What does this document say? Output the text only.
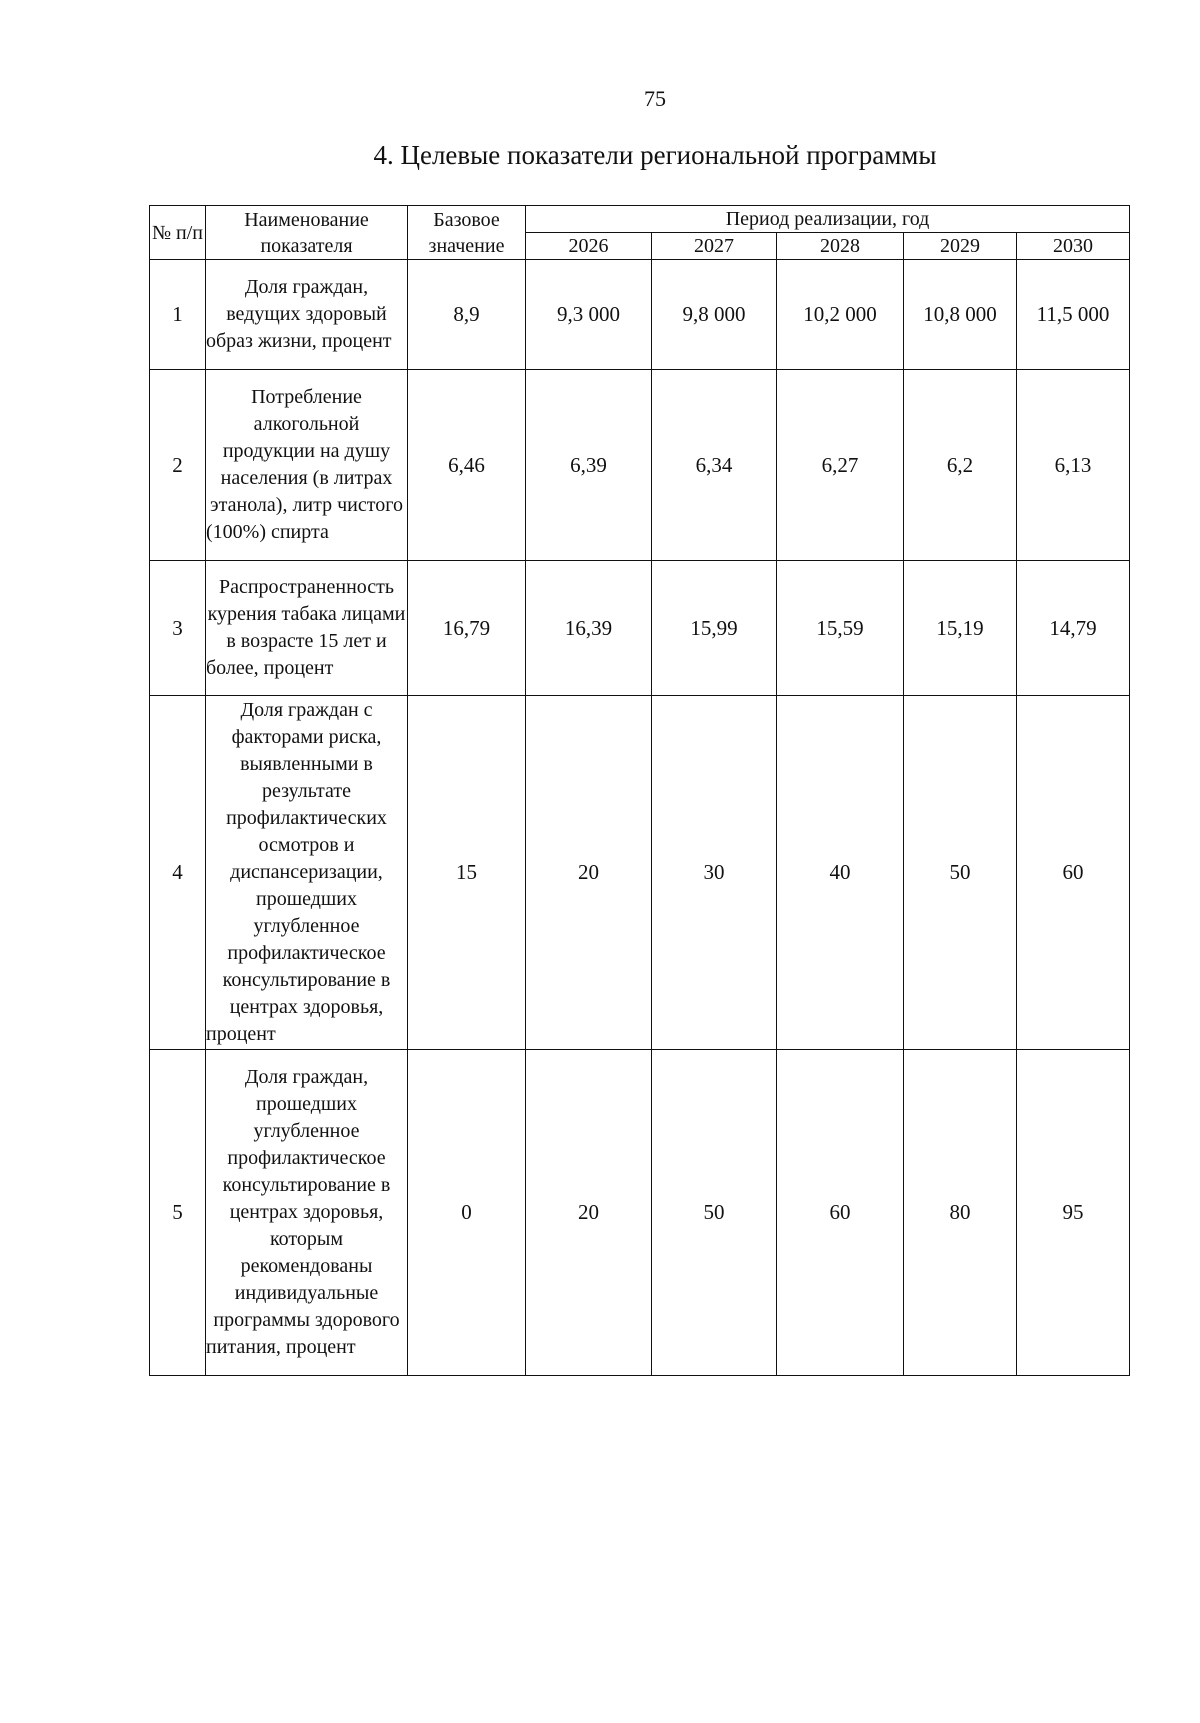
75
4. Целевые показатели региональной программы
№ п/п	Наименование показателя	Базовое значение	Период реализации, год				
			2026	2027	2028	2029	2030
1	Доля граждан, ведущих здоровый образ жизни, процент	8,9	9,3 000	9,8 000	10,2 000	10,8 000	11,5 000
2	Потребление алкогольной продукции на душу населения (в литрах этанола), литр чистого (100%) спирта	6,46	6,39	6,34	6,27	6,2	6,13
3	Распространенность курения табака лицами в возрасте 15 лет и более, процент	16,79	16,39	15,99	15,59	15,19	14,79
4	Доля граждан с факторами риска, выявленными в результате профилактических осмотров и диспансеризации, прошедших углубленное профилактическое консультирование в центрах здоровья, процент	15	20	30	40	50	60
5	Доля граждан, прошедших углубленное профилактическое консультирование в центрах здоровья, которым рекомендованы индивидуальные программы здорового питания, процент	0	20	50	60	80	95
